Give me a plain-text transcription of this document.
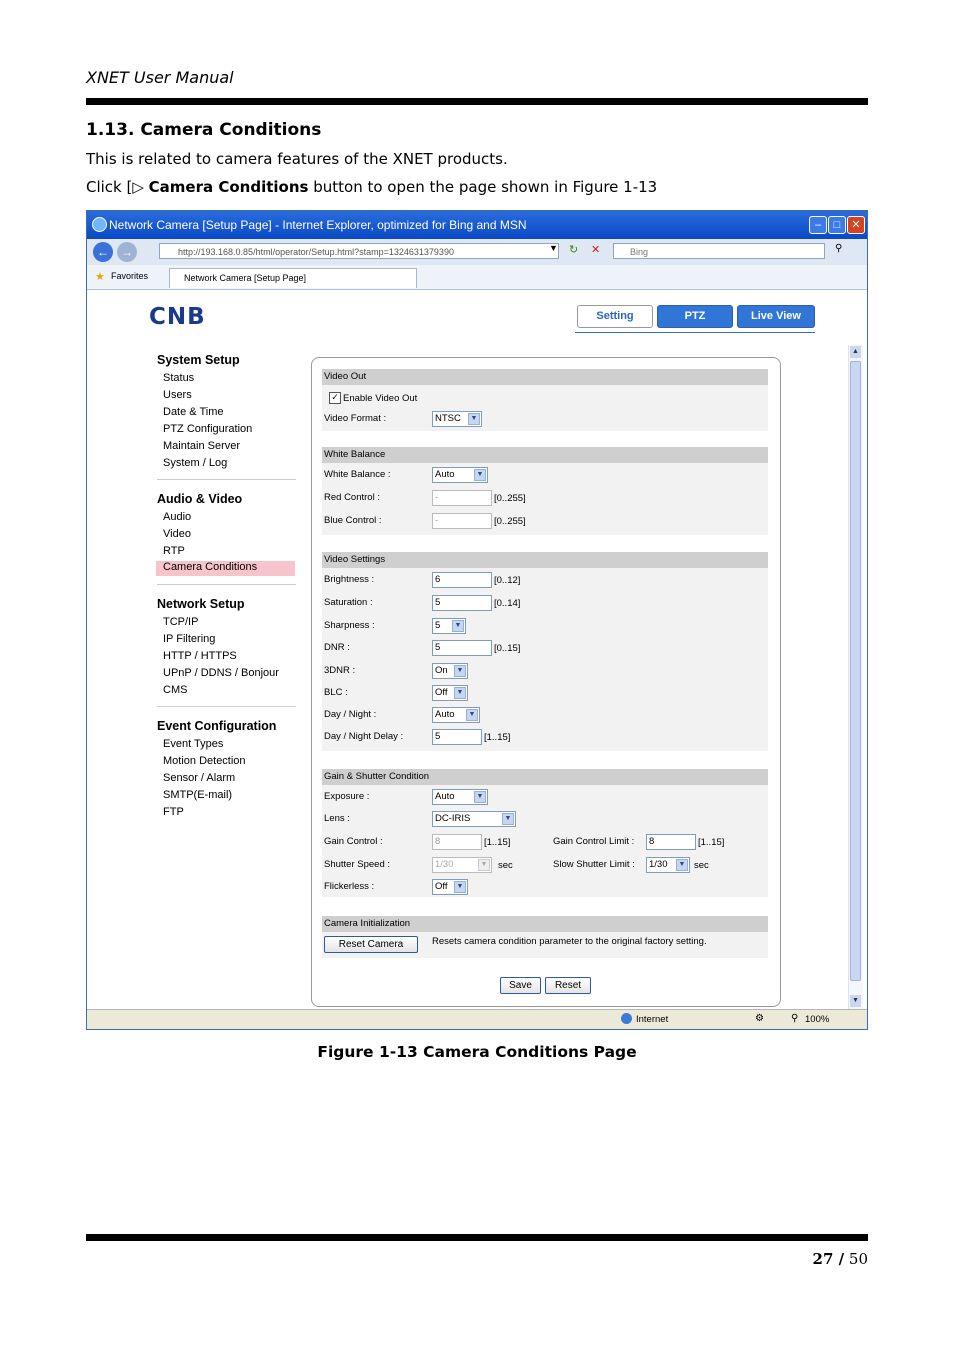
XNET User Manual
1.13. Camera Conditions
This is related to camera features of the XNET products.
Click [▷ Camera Conditions button to open the page shown in Figure 1-13
Network Camera [Setup Page] - Internet Explorer, optimized for Bing and MSN	–	□	✕
←	→	http://193.168.0.85/html/operator/Setup.html?stamp=1324631379390	▼ ↻ ✕	Bing	⚲
★ Favorites	Network Camera [Setup Page]
CNB	Setting	PTZ	Live View
System Setup
Status
Users
Date & Time
PTZ Configuration
Maintain Server
System / Log
Audio & Video
Audio
Video
RTP
Camera Conditions
Network Setup
TCP/IP
IP Filtering
HTTP / HTTPS
UPnP / DDNS / Bonjour
CMS
Event Configuration
Event Types
Motion Detection
Sensor / Alarm
SMTP(E-mail)
FTP
Video Out
✓ Enable Video Out
Video Format :	NTSC	▼
White Balance
White Balance :	Auto	▼
Red Control :	-	[0..255]
Blue Control :	-	[0..255]
Video Settings
Brightness :	6	[0..12]
Saturation :	5	[0..14]
Sharpness :	5	▼
DNR :	5	[0..15]
3DNR :	On	▼
BLC :	Off	▼
Day / Night :	Auto	▼
Day / Night Delay :	5	[1..15]
Gain & Shutter Condition
Exposure :	Auto	▼
Lens :	DC-IRIS	▼
Gain Control :	8	[1..15]	Gain Control Limit :	8	[1..15]
Shutter Speed :	1/30	▼ sec	Slow Shutter Limit :	1/30	▼ sec
Flickerless :	Off	▼
Camera Initialization
Reset Camera	Resets camera condition parameter to the original factory setting.
Save	Reset
▲
▼
Internet	⚙	⚲ 100%
Figure 1-13 Camera Conditions Page
27 / 50
